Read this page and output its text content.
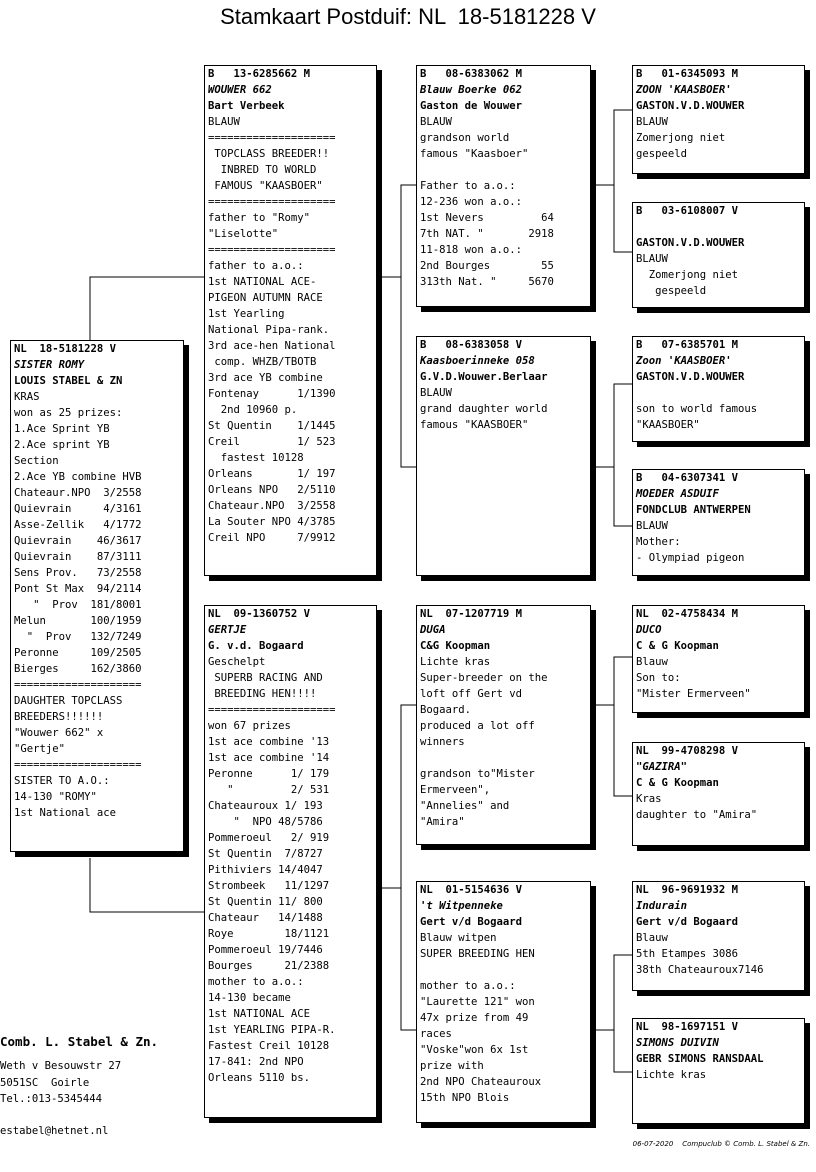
Stamkaart Postduif: NL  18-5181228 V
NL  18-5181228 V
SISTER ROMY
LOUIS STABEL & ZN
KRAS
won as 25 prizes:
1.Ace Sprint YB
2.Ace sprint YB
Section
2.Ace YB combine HVB
Chateaur.NPO  3/2558
Quievrain     4/3161
Asse-Zellik   4/1772
Quievrain    46/3617
Quievrain    87/3111
Sens Prov.   73/2558
Pont St Max  94/2114
"  Prov  181/8001
Melun       100/1959
"  Prov   132/7249
Peronne     109/2505
Bierges     162/3860
====================
DAUGHTER TOPCLASS
BREEDERS!!!!!!
"Wouwer 662" x
"Gertje"
====================
SISTER TO A.O.:
14-130 "ROMY"
1st National ace
B   13-6285662 M
WOUWER 662
Bart Verbeek
BLAUW
====================
TOPCLASS BREEDER!!
INBRED TO WORLD
FAMOUS "KAASBOER"
====================
father to "Romy"
"Liselotte"
====================
father to a.o.:
1st NATIONAL ACE-
PIGEON AUTUMN RACE
1st Yearling
National Pipa-rank.
3rd ace-hen National
comp. WHZB/TBOTB
3rd ace YB combine
Fontenay      1/1390
2nd 10960 p.
St Quentin    1/1445
Creil         1/ 523
fastest 10128
Orleans       1/ 197
Orleans NPO   2/5110
Chateaur.NPO  3/2558
La Souter NPO 4/3785
Creil NPO     7/9912
NL  09-1360752 V
GERTJE
G. v.d. Bogaard
Geschelpt
SUPERB RACING AND
BREEDING HEN!!!!
====================
won 67 prizes
1st ace combine '13
1st ace combine '14
Peronne      1/ 179
"         2/ 531
Chateauroux 1/ 193
"  NPO 48/5786
Pommeroeul   2/ 919
St Quentin  7/8727
Pithiviers 14/4047
Strombeek   11/1297
St Quentin 11/ 800
Chateaur   14/1488
Roye        18/1121
Pommeroeul 19/7446
Bourges     21/2388
mother to a.o.:
14-130 became
1st NATIONAL ACE
1st YEARLING PIPA-R.
Fastest Creil 10128
17-841: 2nd NPO
Orleans 5110 bs.
B   08-6383062 M
Blauw Boerke 062
Gaston de Wouwer
BLAUW
grandson world
famous "Kaasboer"
Father to a.o.:
12-236 won a.o.:
1st Nevers         64
7th NAT. "       2918
11-818 won a.o.:
2nd Bourges        55
313th Nat. "     5670
B   08-6383058 V
Kaasboerinneke 058
G.V.D.Wouwer.Berlaar
BLAUW
grand daughter world
famous "KAASBOER"
NL  07-1207719 M
DUGA
C&G Koopman
Lichte kras
Super-breeder on the
loft off Gert vd
Bogaard.
produced a lot off
winners
grandson to"Mister
Ermerveen",
"Annelies" and
"Amira"
NL  01-5154636 V
't Witpenneke
Gert v/d Bogaard
Blauw witpen
SUPER BREEDING HEN
mother to a.o.:
"Laurette 121" won
47x prize from 49
races
"Voske"won 6x 1st
prize with
2nd NPO Chateauroux
15th NPO Blois
B   01-6345093 M
ZOON 'KAASBOER'
GASTON.V.D.WOUWER
BLAUW
Zomerjong niet
gespeeld
B   03-6108007 V
GASTON.V.D.WOUWER
BLAUW
Zomerjong niet
gespeeld
B   07-6385701 M
Zoon 'KAASBOER'
GASTON.V.D.WOUWER
son to world famous
"KAASBOER"
B   04-6307341 V
MOEDER ASDUIF
FONDCLUB ANTWERPEN
BLAUW
Mother:
- Olympiad pigeon
NL  02-4758434 M
DUCO
C & G Koopman
Blauw
Son to:
"Mister Ermerveen"
NL  99-4708298 V
"GAZIRA"
C & G Koopman
Kras
daughter to "Amira"
NL  96-9691932 M
Indurain
Gert v/d Bogaard
Blauw
5th Etampes 3086
38th Chateauroux7146
NL  98-1697151 V
SIMONS DUIVIN
GEBR SIMONS RANSDAAL
Lichte kras
Comb. L. Stabel & Zn.
Weth v Besouwstr 27
5051SC  Goirle
Tel.:013-5345444
estabel@hetnet.nl
06-07-2020 Compuclub © Comb. L. Stabel & Zn.
